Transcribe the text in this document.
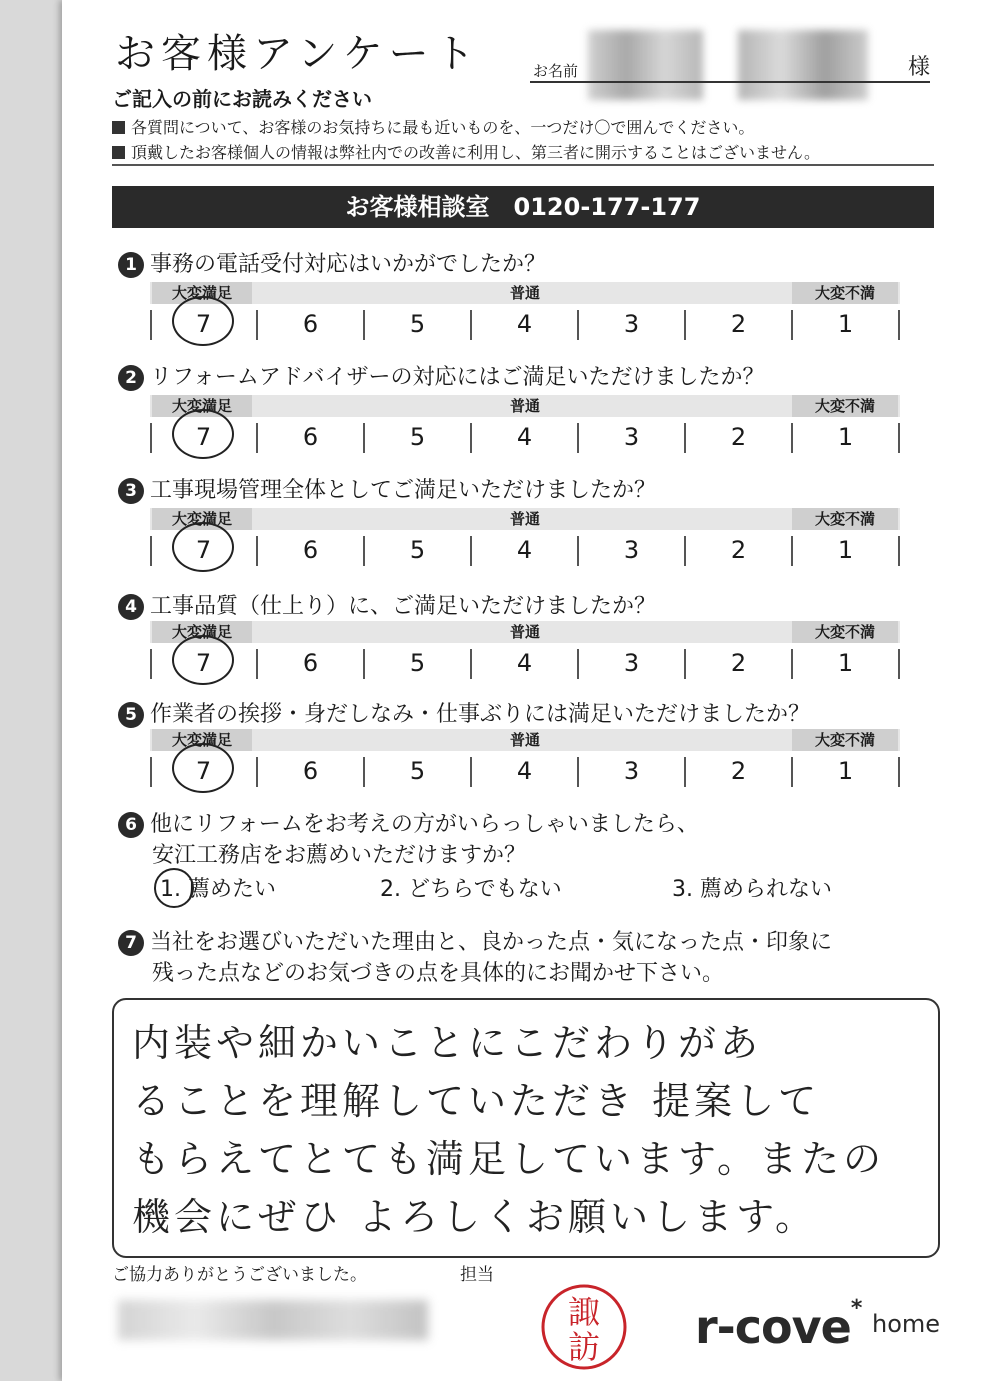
お客様アンケート	お名前	様
ご記入の前にお読みください
各質問について、お客様のお気持ちに最も近いものを、一つだけ〇で囲んでください。
頂戴したお客様個人の情報は弊社内での改善に利用し、第三者に開示することはございません。
お客様相談室　0120-177-177
1 事務の電話受付対応はいかがでしたか？
大変満足	普通	大変不満
7	6	5	4	3	2	1
2 リフォームアドバイザーの対応にはご満足いただけましたか？
大変満足	普通	大変不満
7	6	5	4	3	2	1
3 工事現場管理全体としてご満足いただけましたか？
大変満足	普通	大変不満
7	6	5	4	3	2	1
4 工事品質（仕上り）に、ご満足いただけましたか？
大変満足	普通	大変不満
7	6	5	4	3	2	1
5 作業者の挨拶・身だしなみ・仕事ぶりには満足いただけましたか？
大変満足	普通	大変不満
7	6	5	4	3	2	1
6 他にリフォームをお考えの方がいらっしゃいましたら、
安江工務店をお薦めいただけますか？
1. 薦めたい	2. どちらでもない	3. 薦められない
7 当社をお選びいただいた理由と、良かった点・気になった点・印象に
残った点などのお気づきの点を具体的にお聞かせ下さい。
内装や細かいことにこだわりがあ
ることを理解していただき 提案して
もらえてとても満足しています。またの
機会にぜひ よろしくお願いします。
ご協力ありがとうございました。	担当
諏
訪 r-cove*
home
